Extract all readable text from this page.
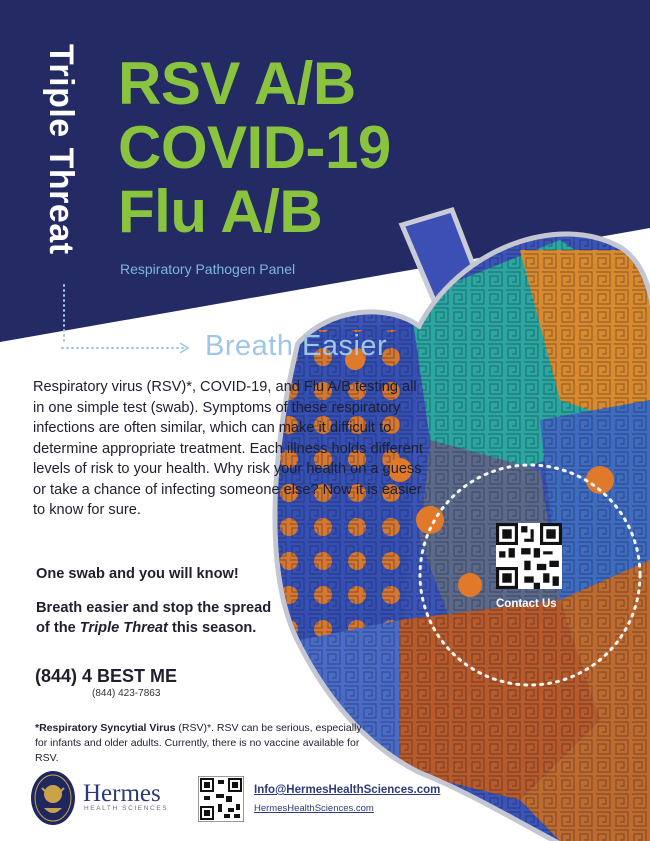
Triple Threat RSV A/B
COVID-19
Flu A/B
Respiratory Pathogen Panel
Breath Easier
Respiratory virus (RSV)*, COVID-19, and Flu A/B testing all in one simple test (swab). Symptoms of these respiratory infections are often similar, which can make it difficult to determine appropriate treatment. Each illness holds different levels of risk to your health. Why risk your health on a guess or take a chance of infecting someone else? Now it is easier to know for sure.
One swab and you will know!
Breath easier and stop the spread of the Triple Threat this season.
(844) 4 BEST ME
(844) 423-7863
*Respiratory Syncytial Virus (RSV)*. RSV can be serious, especially for infants and older adults. Currently, there is no vaccine available for RSV.
Contact Us
Hermes
HEALTH SCIENCES
Info@HermesHealthSciences.com
HermesHealthSciences.com
